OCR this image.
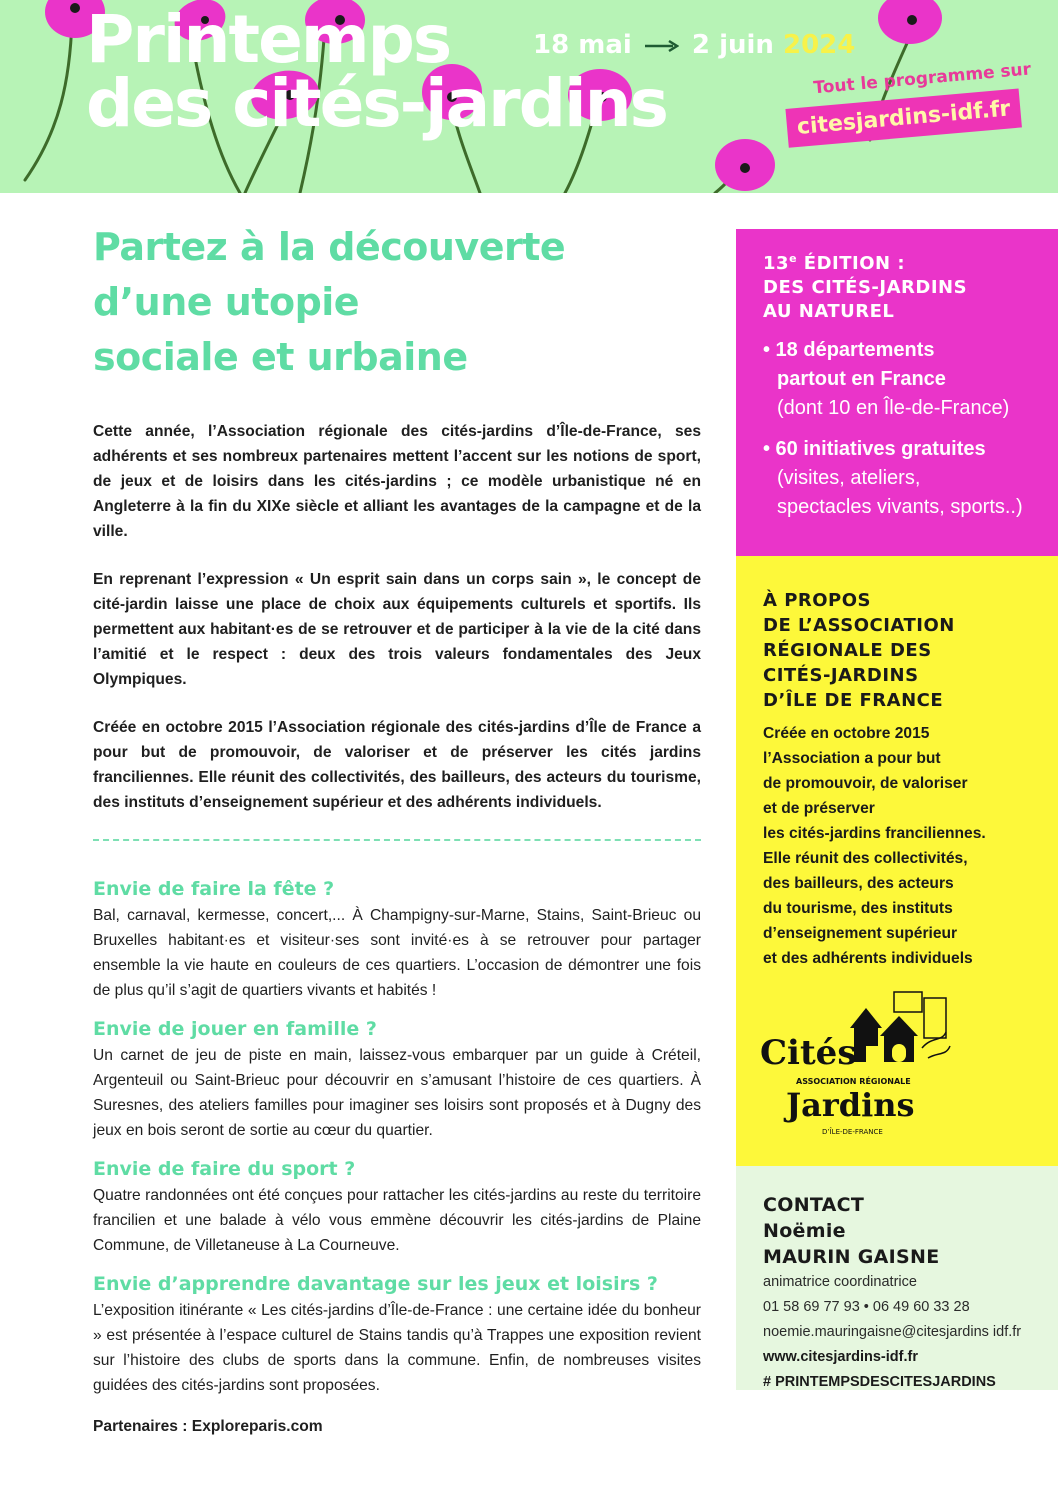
Printemps
des cités-jardins
18 mai 2 juin 2024
Tout le programme sur
citesjardins-idf.fr
Partez à la découverte
d’une utopie
sociale et urbaine

Cette année, l’Association régionale des cités-jardins d’Île-de-France, ses adhérents et ses nombreux partenaires mettent l’accent sur les notions de sport, de jeux et de loisirs dans les cités-jardins ; ce modèle urbanistique né en Angleterre à la fin du XIXe siècle et alliant les avantages de la campagne et de la ville.

En reprenant l’expression « Un esprit sain dans un corps sain », le concept de cité-jardin laisse une place de choix aux équipements culturels et sportifs. Ils permettent aux habitant·es de se retrouver et de participer à la vie de la cité dans l’amitié et le respect : deux des trois valeurs fondamentales des Jeux Olympiques.

Créée en octobre 2015 l’Association régionale des cités-jardins d’Île de France a pour but de promouvoir, de valoriser et de préserver les cités jardins franciliennes. Elle réunit des collectivités, des bailleurs, des acteurs du tourisme, des instituts d’enseignement supérieur et des adhérents individuels.

Envie de faire la fête ?

Bal, carnaval, kermesse, concert,... À Champigny-sur-Marne, Stains, Saint-Brieuc ou Bruxelles habitant·es et visiteur·ses sont invité·es à se retrouver pour partager ensemble la vie haute en couleurs de ces quartiers. L’occasion de démontrer une fois de plus qu’il s’agit de quartiers vivants et habités !

Envie de jouer en famille ?

Un carnet de jeu de piste en main, laissez-vous embarquer par un guide à Créteil, Argenteuil ou Saint-Brieuc pour découvrir en s’amusant l’histoire de ces quartiers. À Suresnes, des ateliers familles pour imaginer ses loisirs sont proposés et à Dugny des jeux en bois seront de sortie au cœur du quartier.

Envie de faire du sport ?

Quatre randonnées ont été conçues pour rattacher les cités-jardins au reste du territoire francilien et une balade à vélo vous emmène découvrir les cités-jardins de Plaine Commune, de Villetaneuse à La Courneuve.

Envie d’apprendre davantage sur les jeux et loisirs ?

L’exposition itinérante « Les cités-jardins d’Île-de-France : une certaine idée du bonheur » est présentée à l’espace culturel de Stains tandis qu’à Trappes une exposition revient sur l’histoire des clubs de sports dans la commune. Enfin, de nombreuses visites guidées des cités-jardins sont proposées.

Partenaires : Exploreparis.com
13e ÉDITION :
DES CITÉS-JARDINS
AU NATUREL
• 18 départements
partout en France
(dont 10 en Île-de-France)
• 60 initiatives gratuites
(visites, ateliers,
spectacles vivants, sports..)
À PROPOS
DE L’ASSOCIATION
RÉGIONALE DES
CITÉS-JARDINS
D’ÎLE DE FRANCE
Créée en octobre 2015
l’Association a pour but
de promouvoir, de valoriser
et de préserver
les cités-jardins franciliennes.
Elle réunit des collectivités,
des bailleurs, des acteurs
du tourisme, des instituts
d’enseignement supérieur
et des adhérents individuels
Cités
ASSOCIATION RÉGIONALE
Jardins
D’ÎLE-DE-FRANCE
CONTACT
Noëmie
MAURIN GAISNE
animatrice coordinatrice
01 58 69 77 93 • 06 49 60 33 28
noemie.mauringaisne@citesjardins idf.fr
www.citesjardins-idf.fr
# PRINTEMPSDESCITESJARDINS
